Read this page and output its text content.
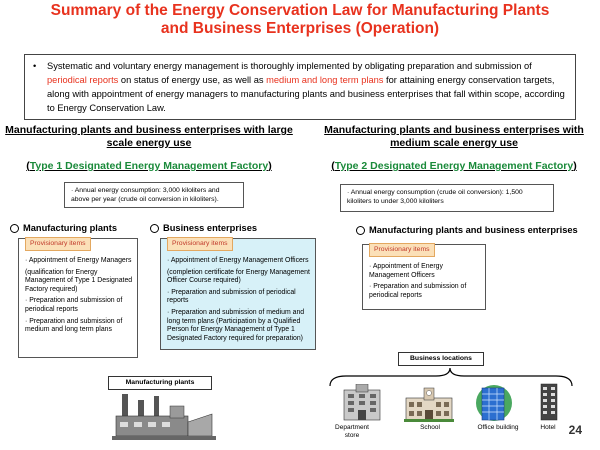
Summary of the Energy Conservation Law for Manufacturing Plants
and Business Enterprises (Operation)
• Systematic and voluntary energy management is thoroughly implemented by obligating preparation and submission of periodical reports on status of energy use, as well as medium and long term plans for attaining energy conservation targets, along with appointment of energy managers to manufacturing plants and business enterprises that fall within scope, according to Energy Conservation Law.
Manufacturing plants and business enterprises with large scale energy use
(Type 1 Designated Energy Management Factory)
· Annual energy consumption: 3,000 kiloliters and above per year (crude oil conversion in kiloliters).
Manufacturing plants
Provisionary items
· Appointment of Energy Managers
(qualification for Energy Management of Type 1 Designated Factory required)
· Preparation and submission of periodical reports
· Preparation and submission of medium and long term plans
Business enterprises
Provisionary items
· Appointment of Energy Management Officers
(completion certificate for Energy Management Officer Course required)
· Preparation and submission of periodical reports
· Preparation and submission of medium and long term plans (Participation by a Qualified Person for Energy Management of Type 1 Designated Factory required for preparation)
Manufacturing plants
Manufacturing plants and business enterprises with medium scale energy use
(Type 2 Designated Energy Management Factory)
· Annual energy consumption (crude oil conversion): 1,500 kiloliters to under 3,000 kiloliters
Manufacturing plants and business enterprises
Provisionary items
· Appointment of Energy Management Officers
· Preparation and submission of periodical reports
Business locations
Department store
School	Office building	Hotel	24
